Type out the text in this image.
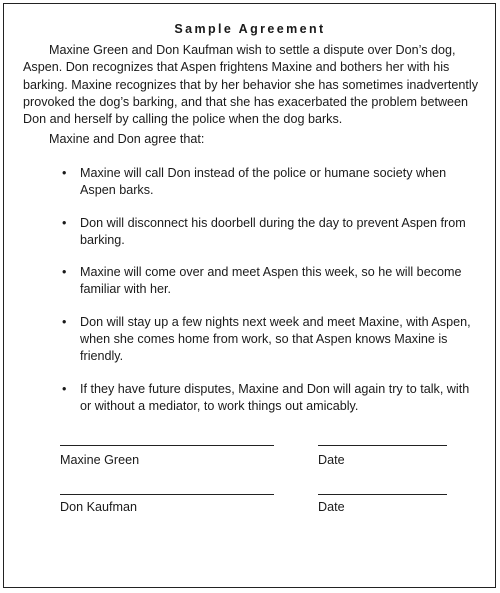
Sample Agreement

Maxine Green and Don Kaufman wish to settle a dispute over Don’s dog, Aspen. Don recognizes that Aspen frightens Maxine and bothers her with his barking. Maxine recognizes that by her behavior she has sometimes inadvertently provoked the dog’s barking, and that she has exacerbated the problem between Don and herself by calling the police when the dog barks.

Maxine and Don agree that:

• Maxine will call Don instead of the police or humane society when Aspen barks.
• Don will disconnect his doorbell during the day to prevent Aspen from barking.
• Maxine will come over and meet Aspen this week, so he will become familiar with her.
• Don will stay up a few nights next week and meet Maxine, with Aspen, when she comes home from work, so that Aspen knows Maxine is friendly.
• If they have future disputes, Maxine and Don will again try to talk, with or without a mediator, to work things out amicably.
Maxine Green	Date
Don Kaufman	Date
